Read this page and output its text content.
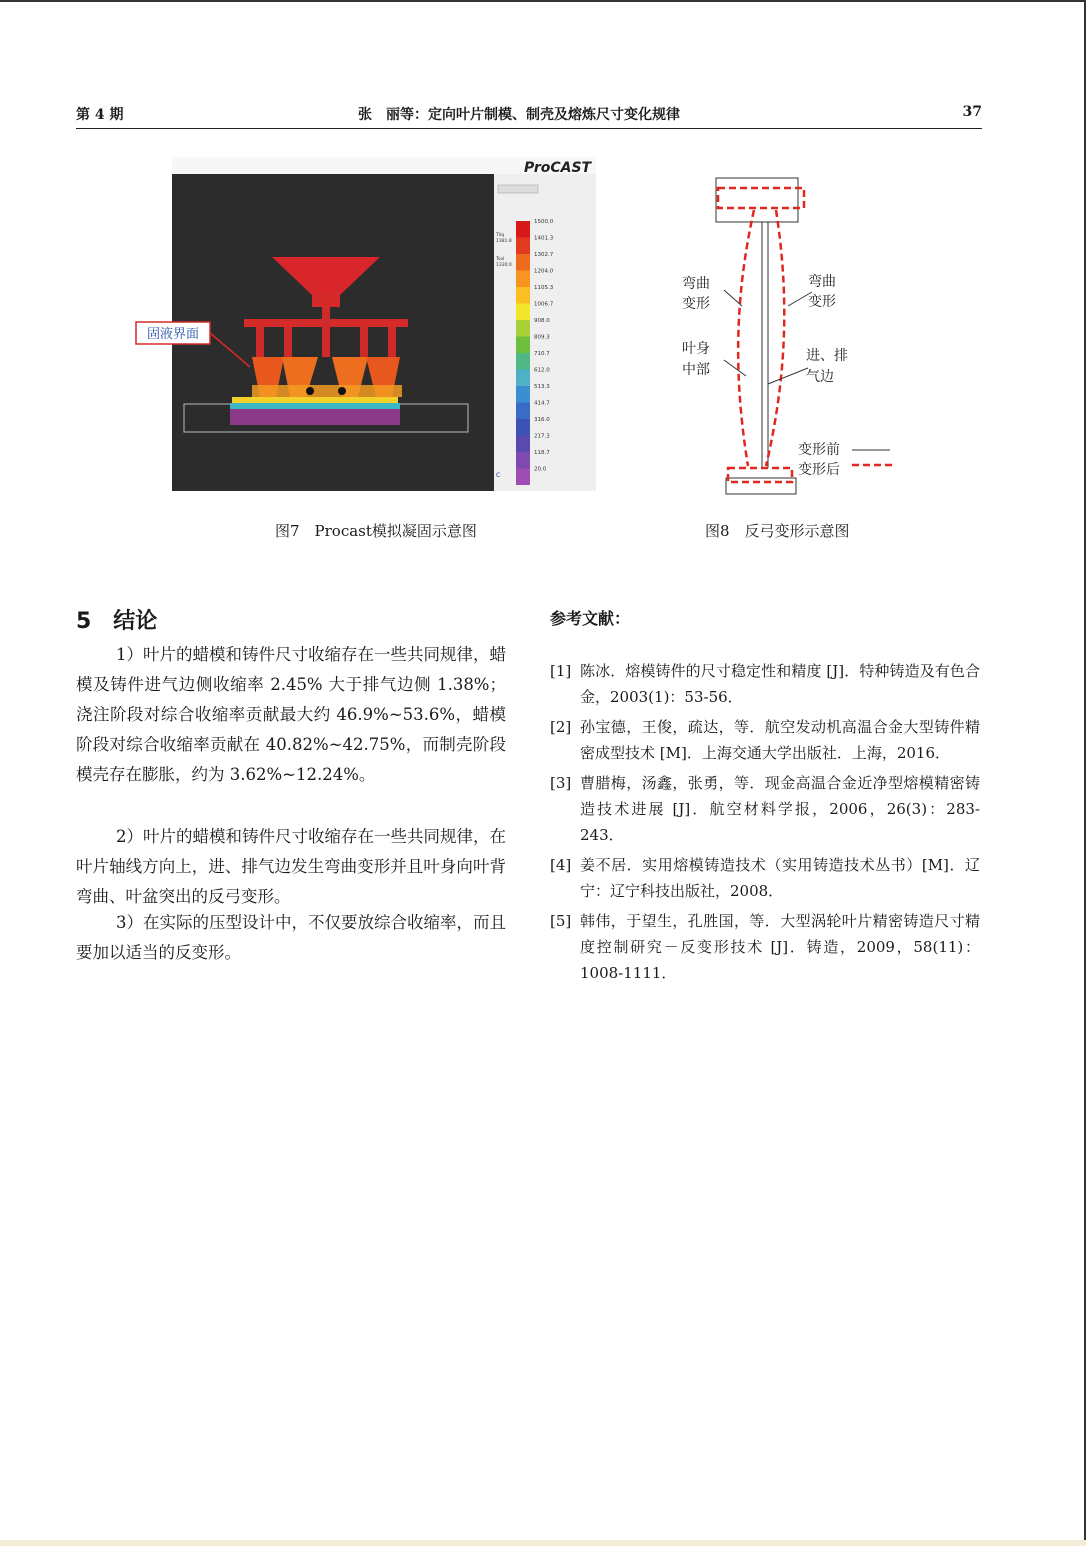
第 4 期	张　丽等：定向叶片制模、制壳及熔炼尺寸变化规律	37
ProCAST
Tliq
1381.8
Tsol
1330.0
1500.0
1401.3
1302.7
1204.0
1105.3
1006.7
908.0
809.3
710.7
612.0
513.3
414.7
316.0
217.3
118.7
20.0
C
固液界面
弯曲
变形
弯曲
变形
叶身
中部
进、排
气边
变形前
变形后
图7　Procast模拟凝固示意图	图8　反弓变形示意图
5　结论
1）叶片的蜡模和铸件尺寸收缩存在一些共同规律，蜡模及铸件进气边侧收缩率 2.45% 大于排气边侧 1.38%；浇注阶段对综合收缩率贡献最大约 46.9%~53.6%，蜡模阶段对综合收缩率贡献在 40.82%~42.75%，而制壳阶段模壳存在膨胀，约为 3.62%~12.24%。
2）叶片的蜡模和铸件尺寸收缩存在一些共同规律，在叶片轴线方向上，进、排气边发生弯曲变形并且叶身向叶背弯曲、叶盆突出的反弓变形。
3）在实际的压型设计中，不仅要放综合收缩率，而且要加以适当的反变形。
参考文献：
[1] 陈冰．熔模铸件的尺寸稳定性和精度 [J]．特种铸造及有色合金，2003(1)：53-56．
[2] 孙宝德，王俊，疏达，等．航空发动机高温合金大型铸件精密成型技术 [M]．上海交通大学出版社．上海，2016．
[3] 曹腊梅，汤鑫，张勇，等．现金高温合金近净型熔模精密铸造技术进展 [J]．航空材料学报，2006，26(3)：283-243．
[4] 姜不居．实用熔模铸造技术（实用铸造技术丛书）[M]．辽宁：辽宁科技出版社，2008．
[5] 韩伟，于望生，孔胜国，等．大型涡轮叶片精密铸造尺寸精度控制研究－反变形技术 [J]．铸造，2009，58(11)：1008-1111．
